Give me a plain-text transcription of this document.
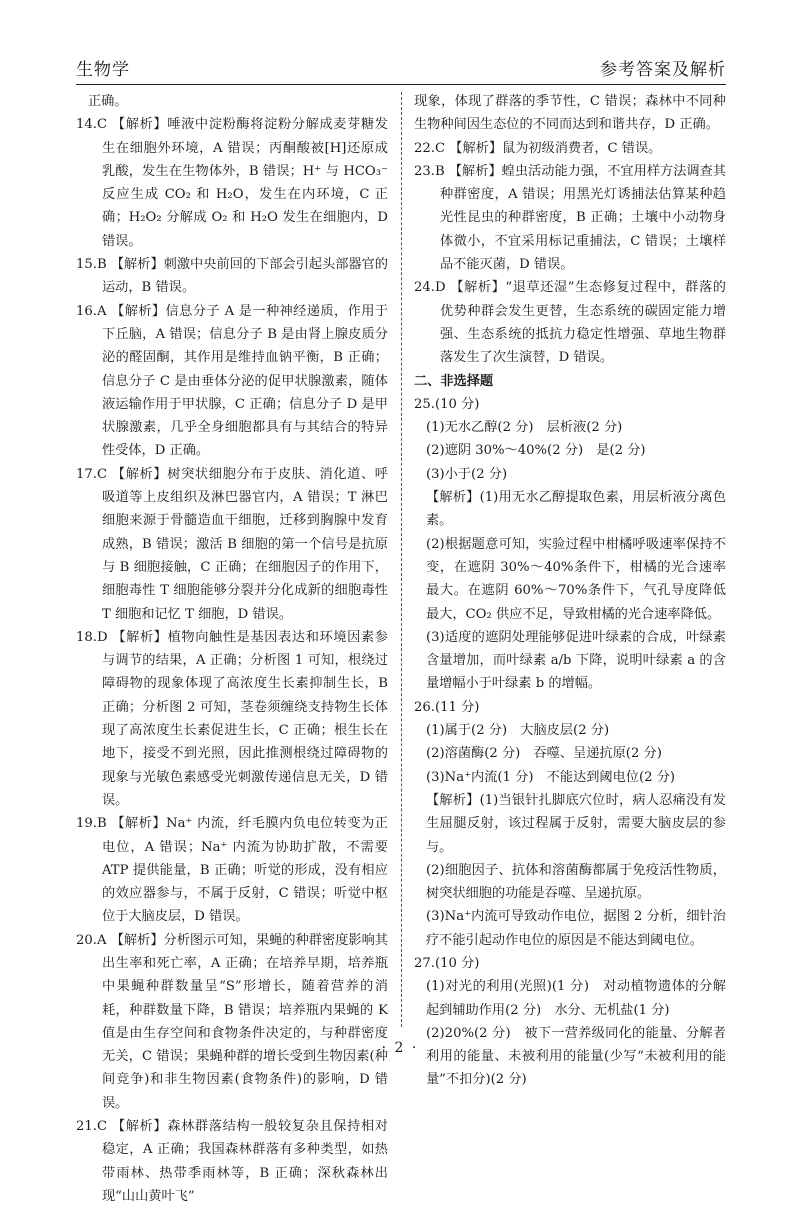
生物学	参考答案及解析

正确。

14.C 【解析】唾液中淀粉酶将淀粉分解成麦芽糖发生在细胞外环境，A 错误；丙酮酸被[H]还原成乳酸，发生在生物体外，B 错误；H⁺ 与 HCO₃⁻ 反应生成 CO₂ 和 H₂O，发生在内环境，C 正确；H₂O₂ 分解成 O₂ 和 H₂O 发生在细胞内，D 错误。

15.B 【解析】刺激中央前回的下部会引起头部器官的运动，B 错误。

16.A 【解析】信息分子 A 是一种神经递质，作用于下丘脑，A 错误；信息分子 B 是由肾上腺皮质分泌的醛固酮，其作用是维持血钠平衡，B 正确；信息分子 C 是由垂体分泌的促甲状腺激素，随体液运输作用于甲状腺，C 正确；信息分子 D 是甲状腺激素，几乎全身细胞都具有与其结合的特异性受体，D 正确。

17.C 【解析】树突状细胞分布于皮肤、消化道、呼吸道等上皮组织及淋巴器官内，A 错误；T 淋巴细胞来源于骨髓造血干细胞，迁移到胸腺中发育成熟，B 错误；激活 B 细胞的第一个信号是抗原与 B 细胞接触，C 正确；在细胞因子的作用下，细胞毒性 T 细胞能够分裂并分化成新的细胞毒性 T 细胞和记忆 T 细胞，D 错误。

18.D 【解析】植物向触性是基因表达和环境因素参与调节的结果，A 正确；分析图 1 可知，根绕过障碍物的现象体现了高浓度生长素抑制生长，B 正确；分析图 2 可知，茎卷须缠绕支持物生长体现了高浓度生长素促进生长，C 正确；根生长在地下，接受不到光照，因此推测根绕过障碍物的现象与光敏色素感受光刺激传递信息无关，D 错误。

19.B 【解析】Na⁺ 内流，纤毛膜内负电位转变为正电位，A 错误；Na⁺ 内流为协助扩散，不需要 ATP 提供能量，B 正确；听觉的形成，没有相应的效应器参与，不属于反射，C 错误；听觉中枢位于大脑皮层，D 错误。

20.A 【解析】分析图示可知，果蝇的种群密度影响其出生率和死亡率，A 正确；在培养早期，培养瓶中果蝇种群数量呈“S”形增长，随着营养的消耗，种群数量下降，B 错误；培养瓶内果蝇的 K 值是由生存空间和食物条件决定的，与种群密度无关，C 错误；果蝇种群的增长受到生物因素(种间竞争)和非生物因素(食物条件)的影响，D 错误。

21.C 【解析】森林群落结构一般较复杂且保持相对稳定，A 正确；我国森林群落有多种类型，如热带雨林、热带季雨林等，B 正确；深秋森林出现“山山黄叶飞”

现象，体现了群落的季节性，C 错误；森林中不同种生物种间因生态位的不同而达到和谐共存，D 正确。

22.C 【解析】鼠为初级消费者，C 错误。

23.B 【解析】蝗虫活动能力强，不宜用样方法调查其种群密度，A 错误；用黑光灯诱捕法估算某种趋光性昆虫的种群密度，B 正确；土壤中小动物身体微小，不宜采用标记重捕法，C 错误；土壤样品不能灭菌，D 错误。

24.D 【解析】“退草还湿”生态修复过程中，群落的优势种群会发生更替，生态系统的碳固定能力增强、生态系统的抵抗力稳定性增强、草地生物群落发生了次生演替，D 错误。

二、非选择题

25.(10 分)

(1)无水乙醇(2 分)　层析液(2 分)

(2)遮阴 30%～40%(2 分)　是(2 分)

(3)小于(2 分)

【解析】(1)用无水乙醇提取色素，用层析液分离色素。

(2)根据题意可知，实验过程中柑橘呼吸速率保持不变，在遮阴 30%～40%条件下，柑橘的光合速率最大。在遮阴 60%～70%条件下，气孔导度降低最大，CO₂ 供应不足，导致柑橘的光合速率降低。

(3)适度的遮阴处理能够促进叶绿素的合成，叶绿素含量增加，而叶绿素 a/b 下降，说明叶绿素 a 的含量增幅小于叶绿素 b 的增幅。

26.(11 分)

(1)属于(2 分)　大脑皮层(2 分)

(2)溶菌酶(2 分)　吞噬、呈递抗原(2 分)

(3)Na⁺内流(1 分)　不能达到阈电位(2 分)

【解析】(1)当银针扎脚底穴位时，病人忍痛没有发生屈腿反射，该过程属于反射，需要大脑皮层的参与。

(2)细胞因子、抗体和溶菌酶都属于免疫活性物质，树突状细胞的功能是吞噬、呈递抗原。

(3)Na⁺内流可导致动作电位，据图 2 分析，细针治疗不能引起动作电位的原因是不能达到阈电位。

27.(10 分)

(1)对光的利用(光照)(1 分)　对动植物遗体的分解起到辅助作用(2 分)　水分、无机盐(1 分)

(2)20%(2 分)　被下一营养级同化的能量、分解者利用的能量、未被利用的能量(少写“未被利用的能量”不扣分)(2 分)

· 2 ·
